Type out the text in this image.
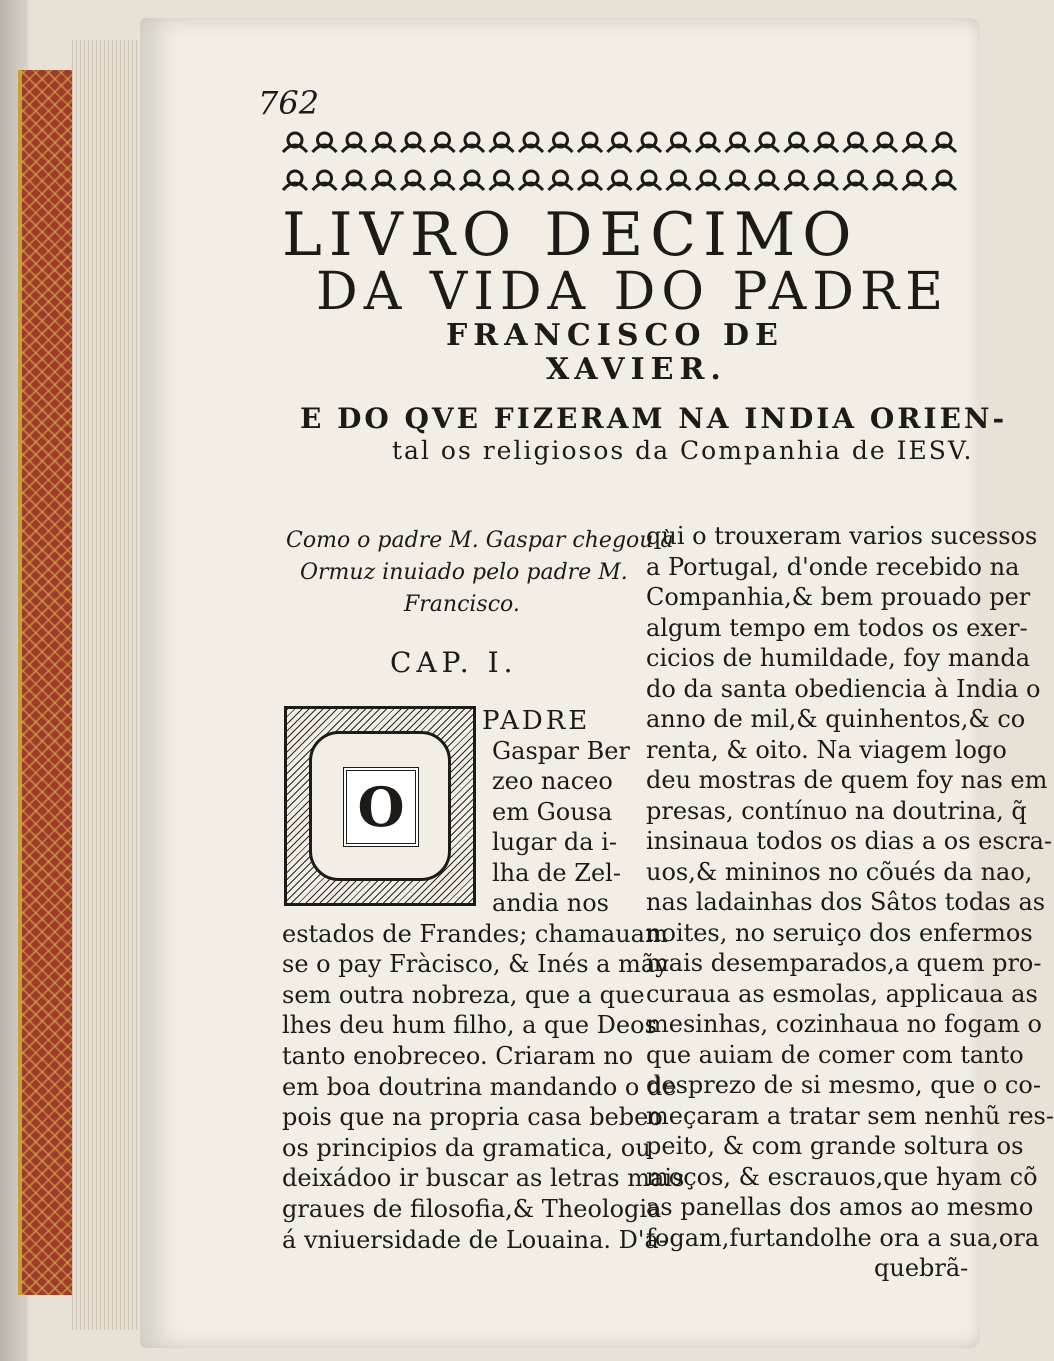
762
LIVRO DECIMO
DA VIDA DO PADRE
FRANCISCO DE
XAVIER.
E DO QVE FIZERAM NA INDIA ORIEN-
tal os religiosos da Companhia de IESV.
Como o padre M. Gaspar chegou à
Ormuz inuiado pelo padre M.
Francisco.
CAP. I.
O
PADRE
Gaspar Ber
zeo naceo
em Gousa
lugar da i-
lha de Zel-
andia nos
estados de Frandes; chamauam
se o pay Fràcisco, & Inés a mãy
sem outra nobreza, que a que
lhes deu hum filho, a que Deos
tanto enobreceo. Criaram no
em boa doutrina mandando o de
pois que na propria casa bebeo
os principios da gramatica, ou
deixádoo ir buscar as letras mais
graues de filosofia,& Theologia
á vniuersidade de Louaina. D'a-
qui o trouxeram varios sucessos
a Portugal, d'onde recebido na
Companhia,& bem prouado per
algum tempo em todos os exer-
cicios de humildade, foy manda
do da santa obediencia à India o
anno de mil,& quinhentos,& co
renta, & oito. Na viagem logo
deu mostras de quem foy nas em
presas, contínuo na doutrina, q̃
insinaua todos os dias a os escra-
uos,& mininos no cõués da nao,
nas ladainhas dos Sâtos todas as
noites, no seruiço dos enfermos
mais desemparados,a quem pro-
curaua as esmolas, applicaua as
mesinhas, cozinhaua no fogam o
que auiam de comer com tanto
desprezo de si mesmo, que o co-
meçaram a tratar sem nenhũ res-
peito, & com grande soltura os
moços, & escrauos,que hyam cõ
as panellas dos amos ao mesmo
fogam,furtandolhe ora a sua,ora
quebrã-
